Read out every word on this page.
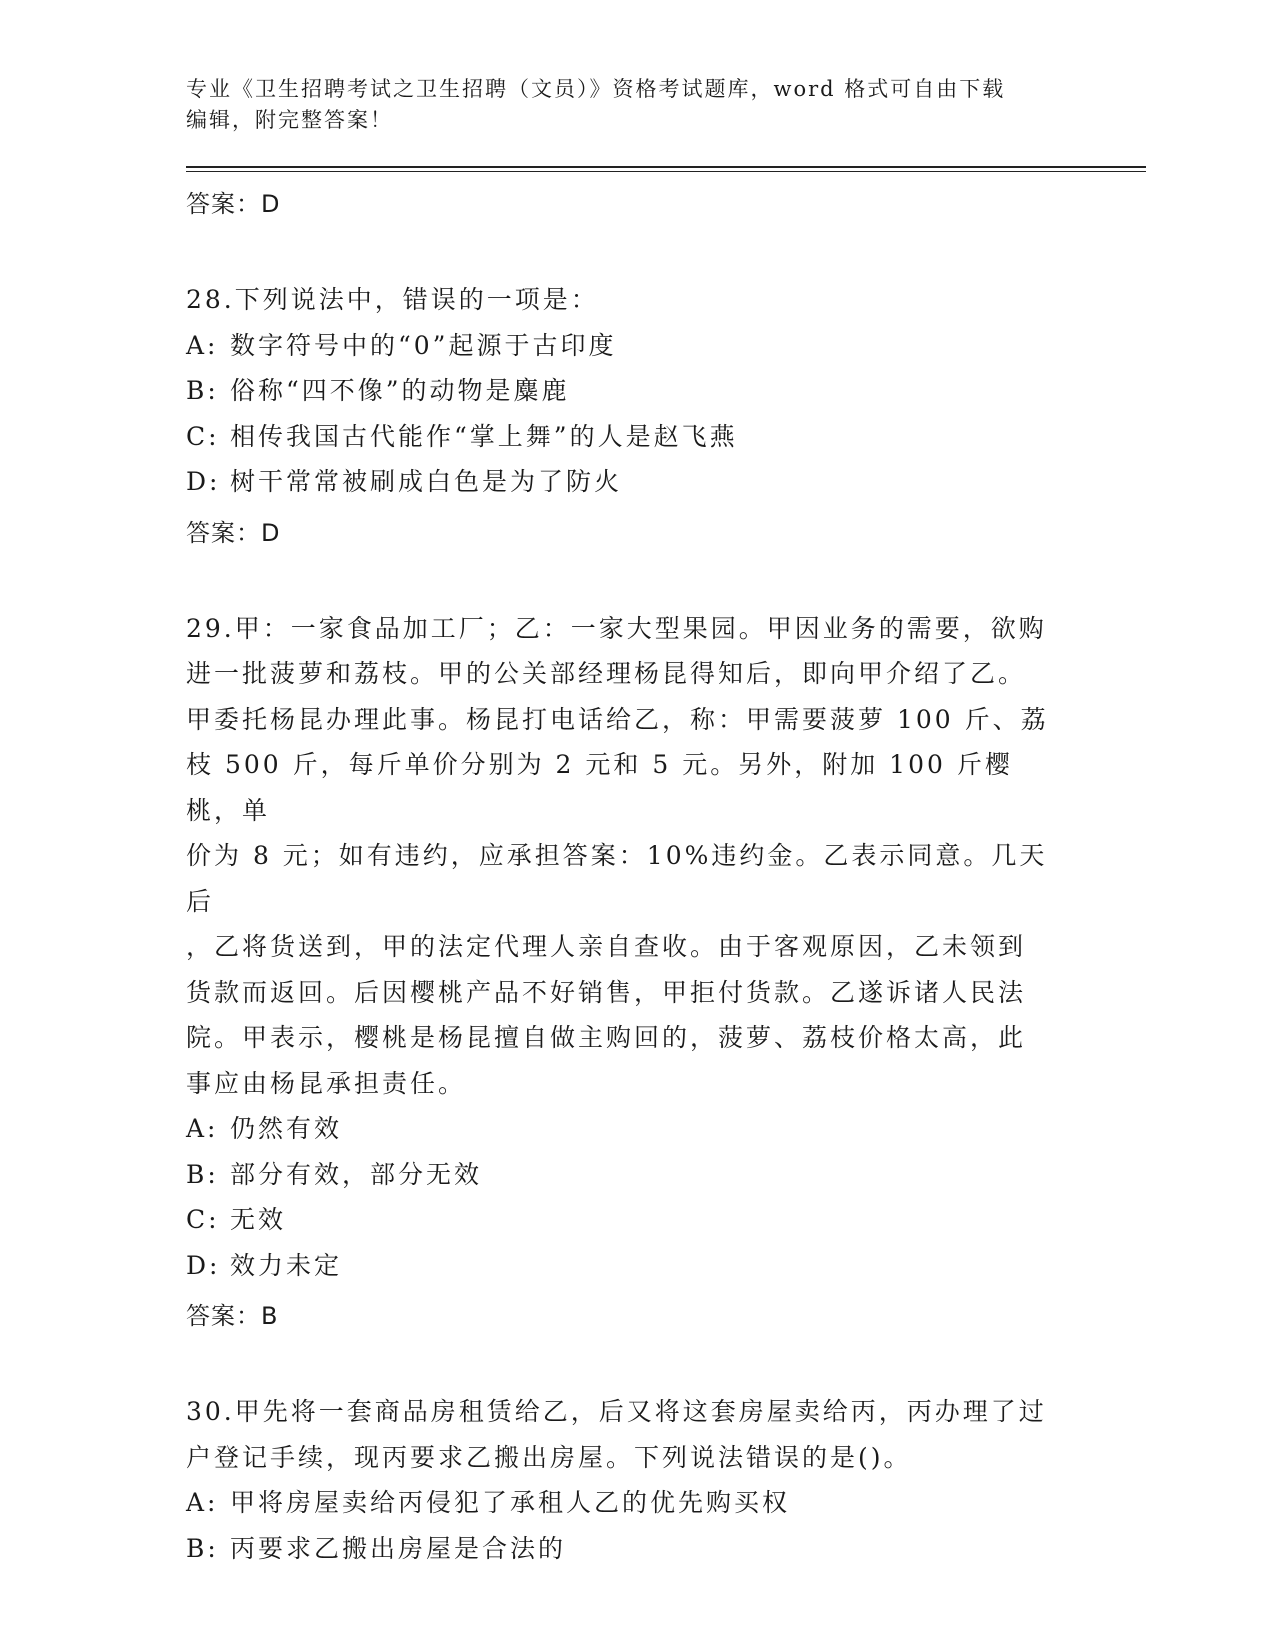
专业《卫生招聘考试之卫生招聘（文员）》资格考试题库，word 格式可自由下载
编辑，附完整答案！
答案：D
28.下列说法中，错误的一项是：
A: 数字符号中的“0”起源于古印度
B: 俗称“四不像”的动物是麋鹿
C: 相传我国古代能作“掌上舞”的人是赵飞燕
D: 树干常常被刷成白色是为了防火
答案：D
29.甲：一家食品加工厂；乙：一家大型果园。甲因业务的需要，欲购
进一批菠萝和荔枝。甲的公关部经理杨昆得知后，即向甲介绍了乙。
甲委托杨昆办理此事。杨昆打电话给乙，称：甲需要菠萝 100 斤、荔
枝 500 斤，每斤单价分别为 2 元和 5 元。另外，附加 100 斤樱桃，单
价为 8 元；如有违约，应承担答案：10%违约金。乙表示同意。几天后
，乙将货送到，甲的法定代理人亲自查收。由于客观原因，乙未领到
货款而返回。后因樱桃产品不好销售，甲拒付货款。乙遂诉诸人民法
院。甲表示，樱桃是杨昆擅自做主购回的，菠萝、荔枝价格太高，此
事应由杨昆承担责任。
A: 仍然有效
B: 部分有效，部分无效
C: 无效
D: 效力未定
答案：B
30.甲先将一套商品房租赁给乙，后又将这套房屋卖给丙，丙办理了过
户登记手续，现丙要求乙搬出房屋。下列说法错误的是()。
A: 甲将房屋卖给丙侵犯了承租人乙的优先购买权
B: 丙要求乙搬出房屋是合法的
